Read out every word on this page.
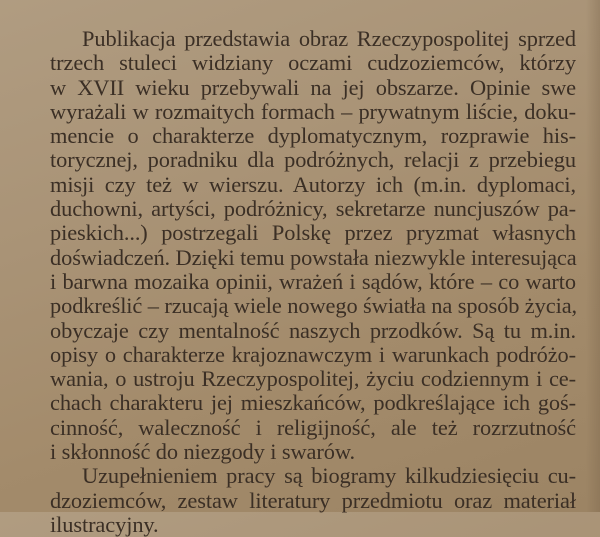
Publikacja przedstawia obraz Rzeczypospolitej sprzed
trzech stuleci widziany oczami cudzoziemców, którzy
w XVII wieku przebywali na jej obszarze. Opinie swe
wyrażali w rozmaitych formach – prywatnym liście, doku-
mencie o charakterze dyplomatycznym, rozprawie his-
torycznej, poradniku dla podróżnych, relacji z przebiegu
misji czy też w wierszu. Autorzy ich (m.in. dyplomaci,
duchowni, artyści, podróżnicy, sekretarze nuncjuszów pa-
pieskich...) postrzegali Polskę przez pryzmat własnych
doświadczeń. Dzięki temu powstała niezwykle interesująca
i barwna mozaika opinii, wrażeń i sądów, które – co warto
podkreślić – rzucają wiele nowego światła na sposób życia,
obyczaje czy mentalność naszych przodków. Są tu m.in.
opisy o charakterze krajoznawczym i warunkach podróżo-
wania, o ustroju Rzeczypospolitej, życiu codziennym i ce-
chach charakteru jej mieszkańców, podkreślające ich goś-
cinność, waleczność i religijność, ale też rozrzutność
i skłonność do niezgody i swarów.
Uzupełnieniem pracy są biogramy kilkudziesięciu cu-
dzoziemców, zestaw literatury przedmiotu oraz materiał
ilustracyjny.
